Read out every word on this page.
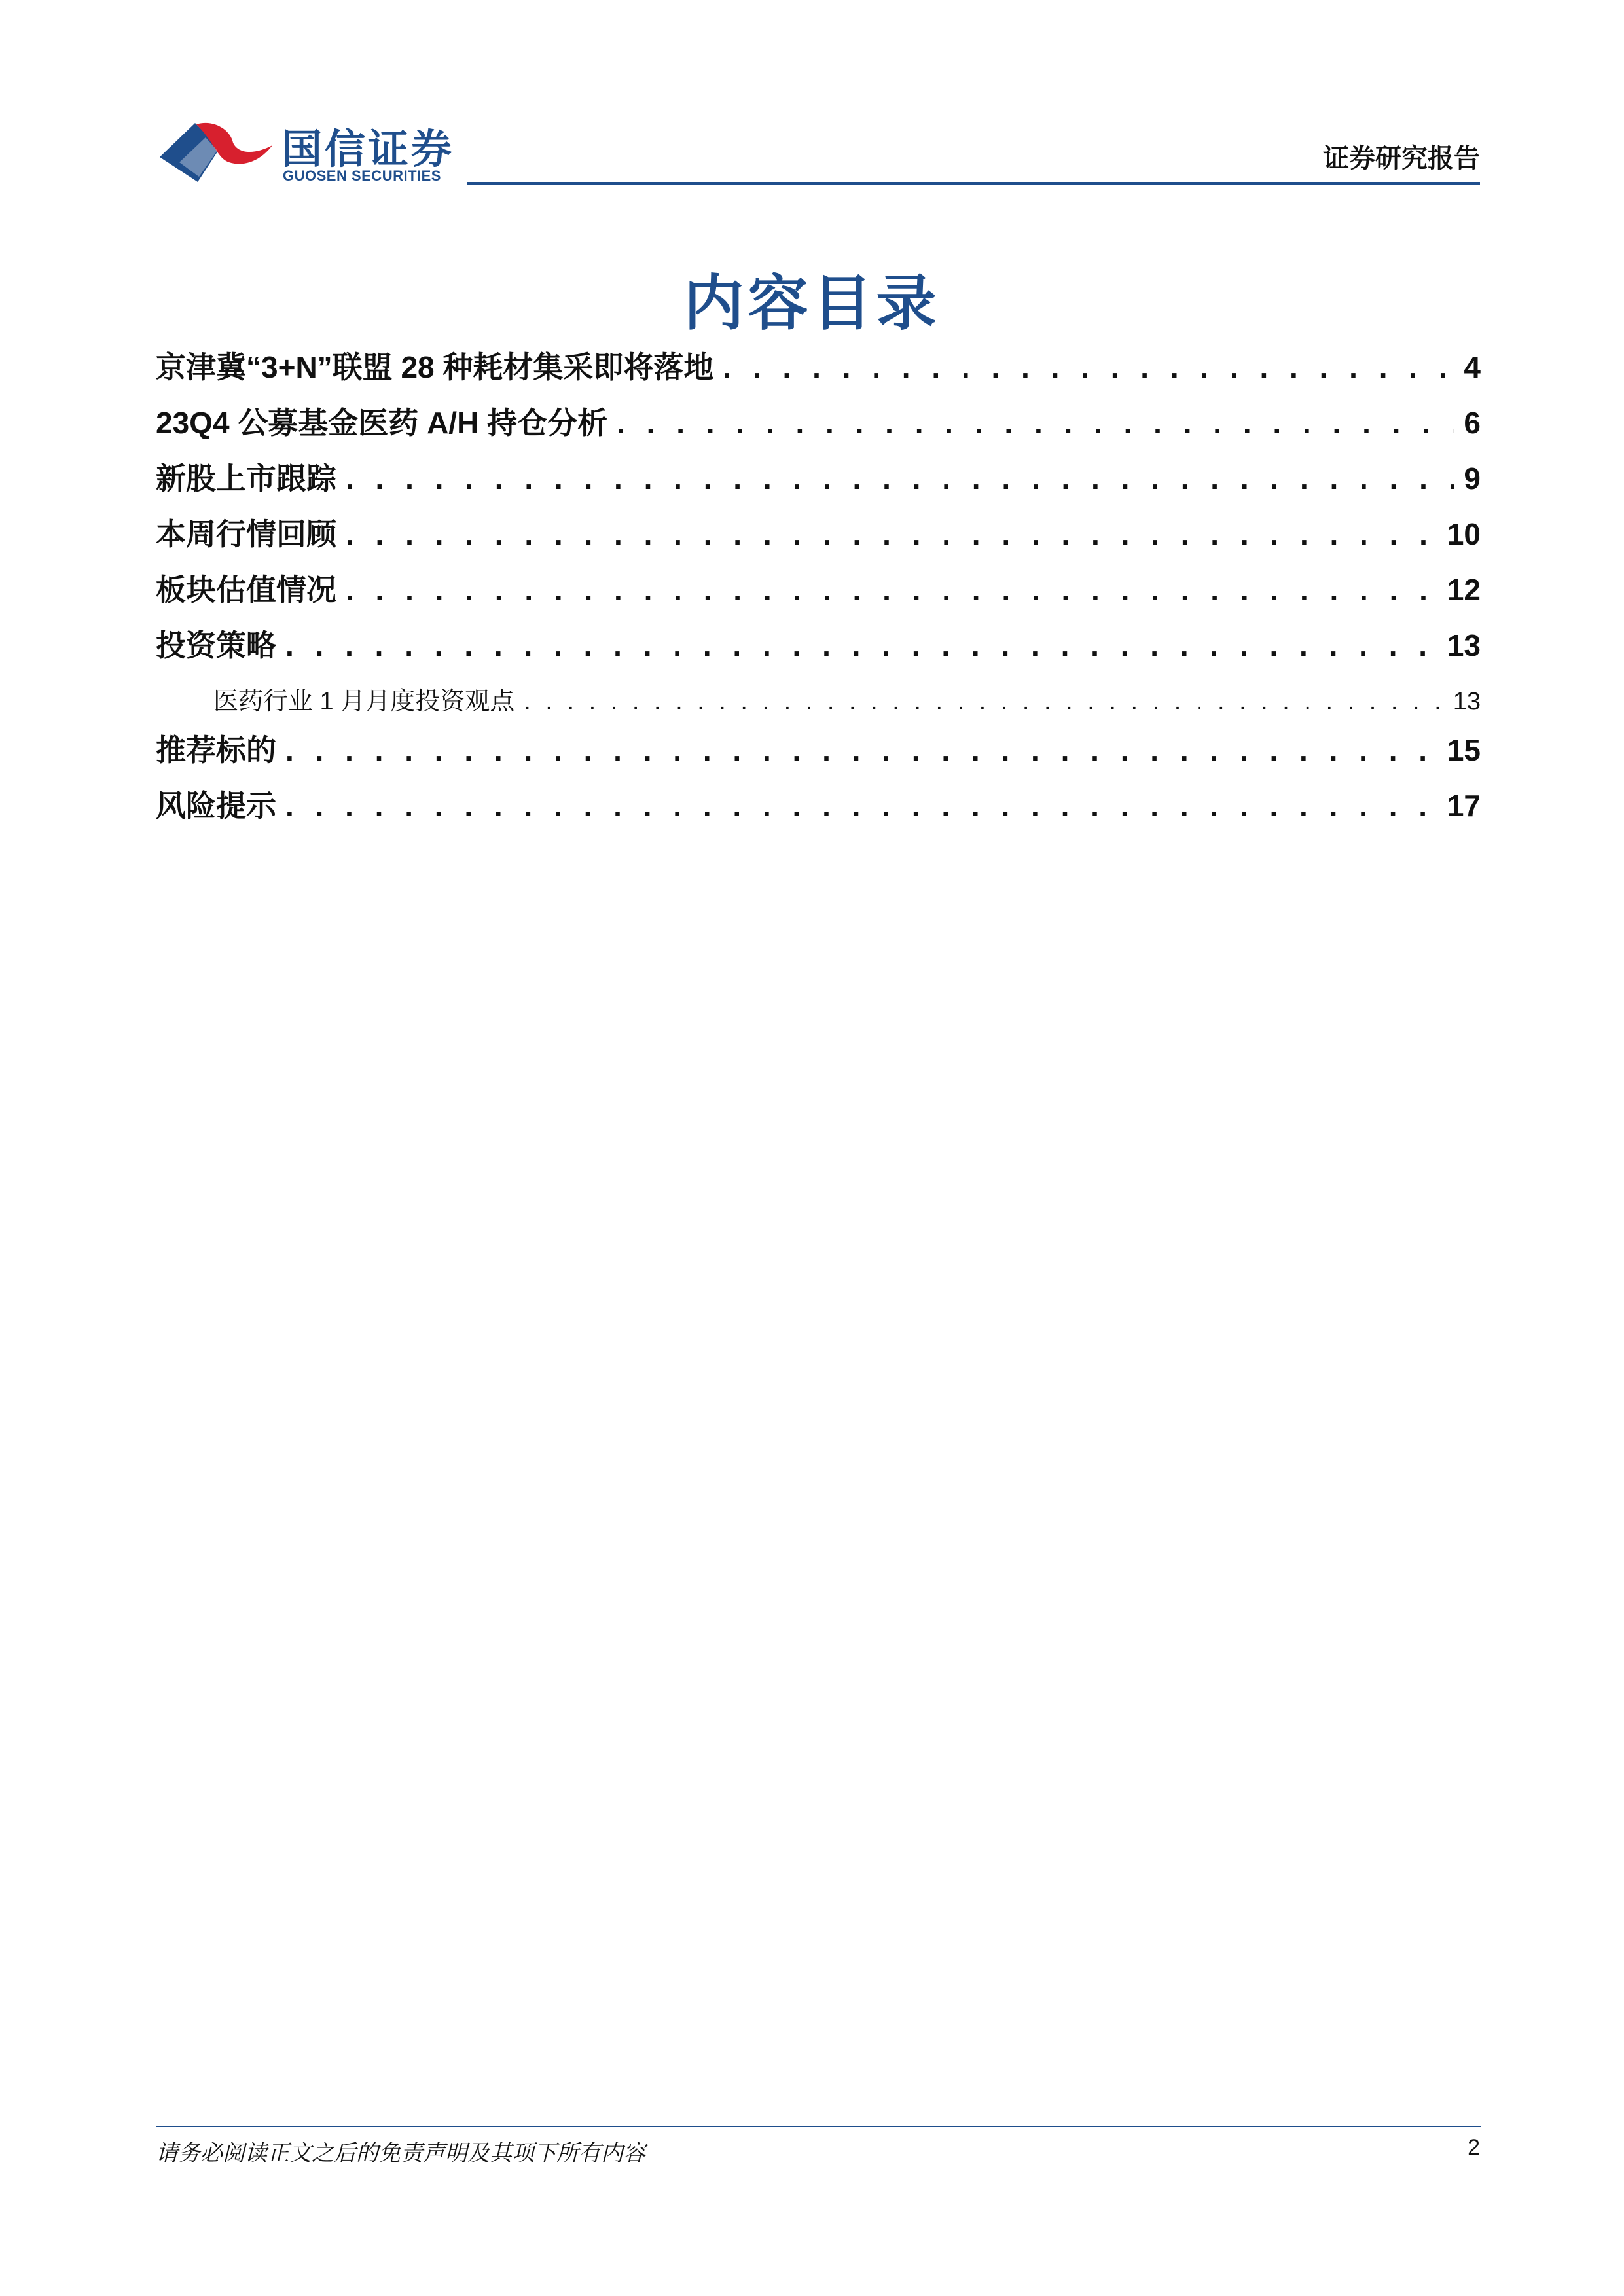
国信证券
GUOSEN SECURITIES
证券研究报告
内容目录
京津冀“3+N”联盟 28 种耗材集采即将落地 . . .	4
23Q4 公募基金医药 A/H 持仓分析 . . .	6
新股上市跟踪 . . .	9
本周行情回顾 . . .	10
板块估值情况 . . .	12
投资策略 . . .	13
医药行业 1 月月度投资观点 . . .	13
推荐标的 . . .	15
风险提示 . . .	17
请务必阅读正文之后的免责声明及其项下所有内容	2
